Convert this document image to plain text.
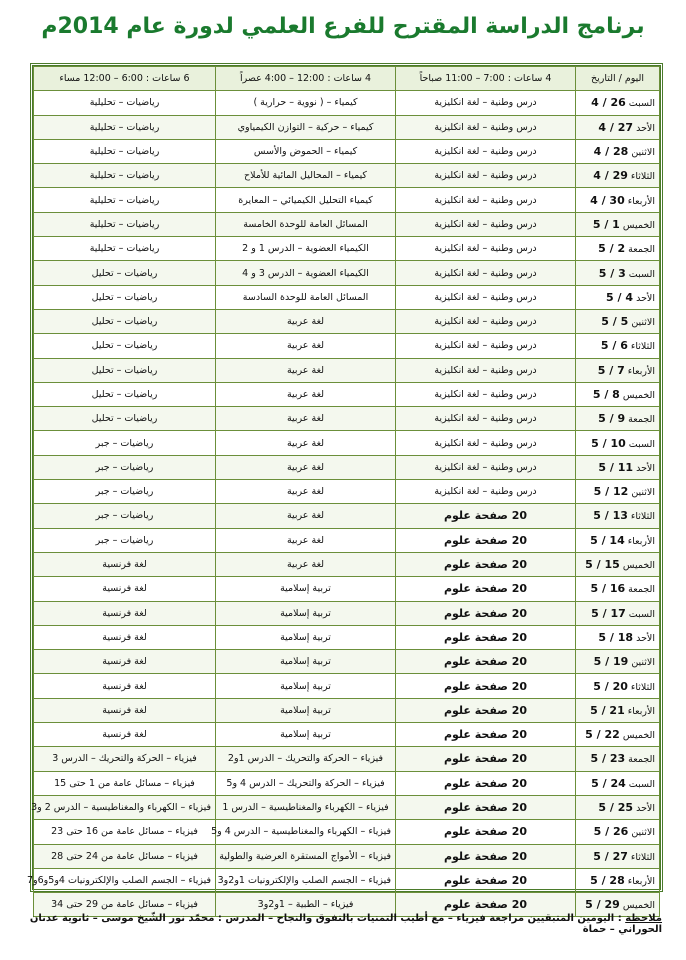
برنامج الدراسة المقترح للفرع العلمي لدورة عام 2014م
اليوم / التاريخ	4 ساعات : 7:00 – 11:00 صباحاً	4 ساعات : 12:00 – 4:00 عصراً	6 ساعات : 6:00 – 12:00 مساء
السبت 26 / 4	درس وطنية – لغة انكليزية	كيمياء – ( نووية – حرارية )	رياضيات – تحليلية
الأحد 27 / 4	درس وطنية – لغة انكليزية	كيمياء – حركية – التوازن الكيمياوي	رياضيات – تحليلية
الاثنين 28 / 4	درس وطنية – لغة انكليزية	كيمياء – الحموض والأسس	رياضيات – تحليلية
الثلاثاء 29 / 4	درس وطنية – لغة انكليزية	كيمياء – المحاليل المائية للأملاح	رياضيات – تحليلية
الأربعاء 30 / 4	درس وطنية – لغة انكليزية	كيمياء التحليل الكيميائي – المعايرة	رياضيات – تحليلية
الخميس 1 / 5	درس وطنية – لغة انكليزية	المسائل العامة للوحدة الخامسة	رياضيات – تحليلية
الجمعة 2 / 5	درس وطنية – لغة انكليزية	الكيمياء العضوية – الدرس 1 و 2	رياضيات – تحليلية
السبت 3 / 5	درس وطنية – لغة انكليزية	الكيمياء العضوية – الدرس 3 و 4	رياضيات – تحليل
الأحد 4 / 5	درس وطنية – لغة انكليزية	المسائل العامة للوحدة السادسة	رياضيات – تحليل
الاثنين 5 / 5	درس وطنية – لغة انكليزية	لغة عربية	رياضيات – تحليل
الثلاثاء 6 / 5	درس وطنية – لغة انكليزية	لغة عربية	رياضيات – تحليل
الأربعاء 7 / 5	درس وطنية – لغة انكليزية	لغة عربية	رياضيات – تحليل
الخميس 8 / 5	درس وطنية – لغة انكليزية	لغة عربية	رياضيات – تحليل
الجمعة 9 / 5	درس وطنية – لغة انكليزية	لغة عربية	رياضيات – تحليل
السبت 10 / 5	درس وطنية – لغة انكليزية	لغة عربية	رياضيات – جبر
الأحد 11 / 5	درس وطنية – لغة انكليزية	لغة عربية	رياضيات – جبر
الاثنين 12 / 5	درس وطنية – لغة انكليزية	لغة عربية	رياضيات – جبر
الثلاثاء 13 / 5	20 صفحة علوم	لغة عربية	رياضيات – جبر
الأربعاء 14 / 5	20 صفحة علوم	لغة عربية	رياضيات – جبر
الخميس 15 / 5	20 صفحة علوم	لغة عربية	لغة فرنسية
الجمعة 16 / 5	20 صفحة علوم	تربية إسلامية	لغة فرنسية
السبت 17 / 5	20 صفحة علوم	تربية إسلامية	لغة فرنسية
الأحد 18 / 5	20 صفحة علوم	تربية إسلامية	لغة فرنسية
الاثنين 19 / 5	20 صفحة علوم	تربية إسلامية	لغة فرنسية
الثلاثاء 20 / 5	20 صفحة علوم	تربية إسلامية	لغة فرنسية
الأربعاء 21 / 5	20 صفحة علوم	تربية إسلامية	لغة فرنسية
الخميس 22 / 5	20 صفحة علوم	تربية إسلامية	لغة فرنسية
الجمعة 23 / 5	20 صفحة علوم	فيزياء – الحركة والتحريك – الدرس 1و2	فيزياء – الحركة والتحريك – الدرس 3
السبت 24 / 5	20 صفحة علوم	فيزياء – الحركة والتحريك – الدرس 4 و5	فيزياء – مسائل عامة من 1 حتى 15
الأحد 25 / 5	20 صفحة علوم	فيزياء – الكهرباء والمغناطيسية – الدرس 1	فيزياء – الكهرباء والمغناطيسية – الدرس 2 و3
الاثنين 26 / 5	20 صفحة علوم	فيزياء – الكهرباء والمغناطيسية – الدرس 4 و5	فيزياء – مسائل عامة من 16 حتى 23
الثلاثاء 27 / 5	20 صفحة علوم	فيزياء – الأمواج المستقرة العرضية والطولية	فيزياء – مسائل عامة من 24 حتى 28
الأربعاء 28 / 5	20 صفحة علوم	فيزياء – الجسم الصلب والإلكترونيات 1و2و3	فيزياء – الجسم الصلب والإلكترونيات 4و5و6و7
الخميس 29 / 5	20 صفحة علوم	فيزياء – الطبية – 1و2و3	فيزياء – مسائل عامة من 29 حتى 34
ملاحظة : اليومين المتبقيين مراجعة فيزياء – مع أطيب التمنيات بالتفوق والنجاح – المدرس : محمّد نور الشّيخ موسى – ثانوية عدنان الحوراني – حماة
